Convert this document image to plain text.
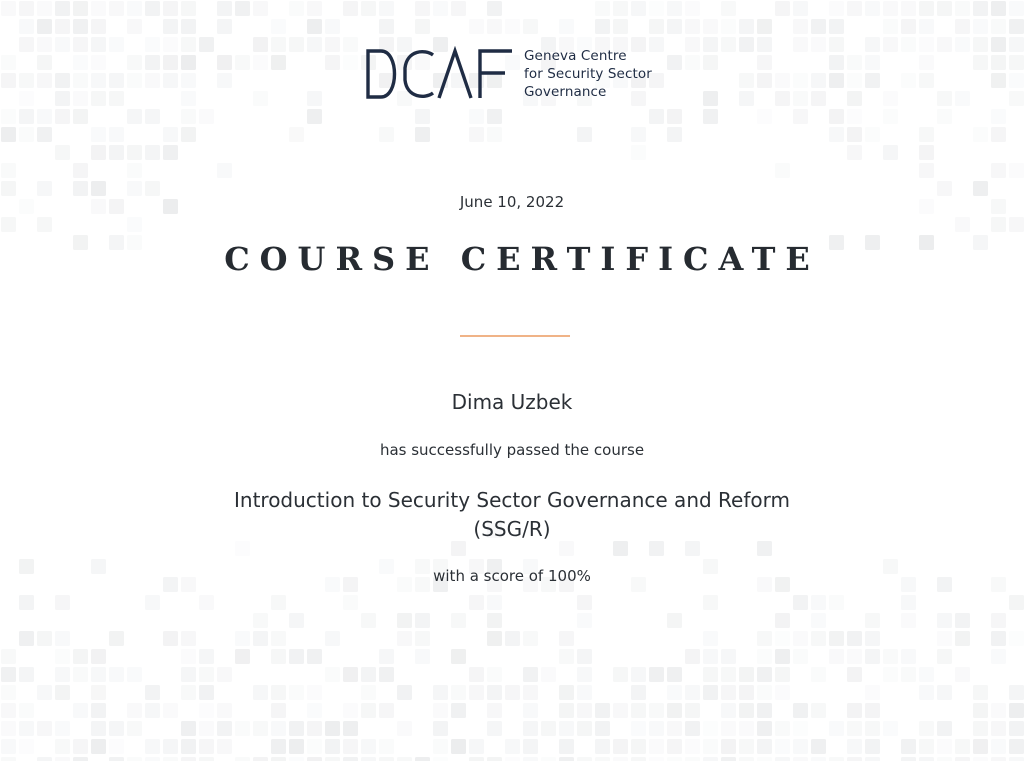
Geneva Centre
for Security Sector
Governance
June 10, 2022
COURSE CERTIFICATE
Dima Uzbek
has successfully passed the course
Introduction to Security Sector Governance and Reform
(SSG/R)
with a score of 100%
